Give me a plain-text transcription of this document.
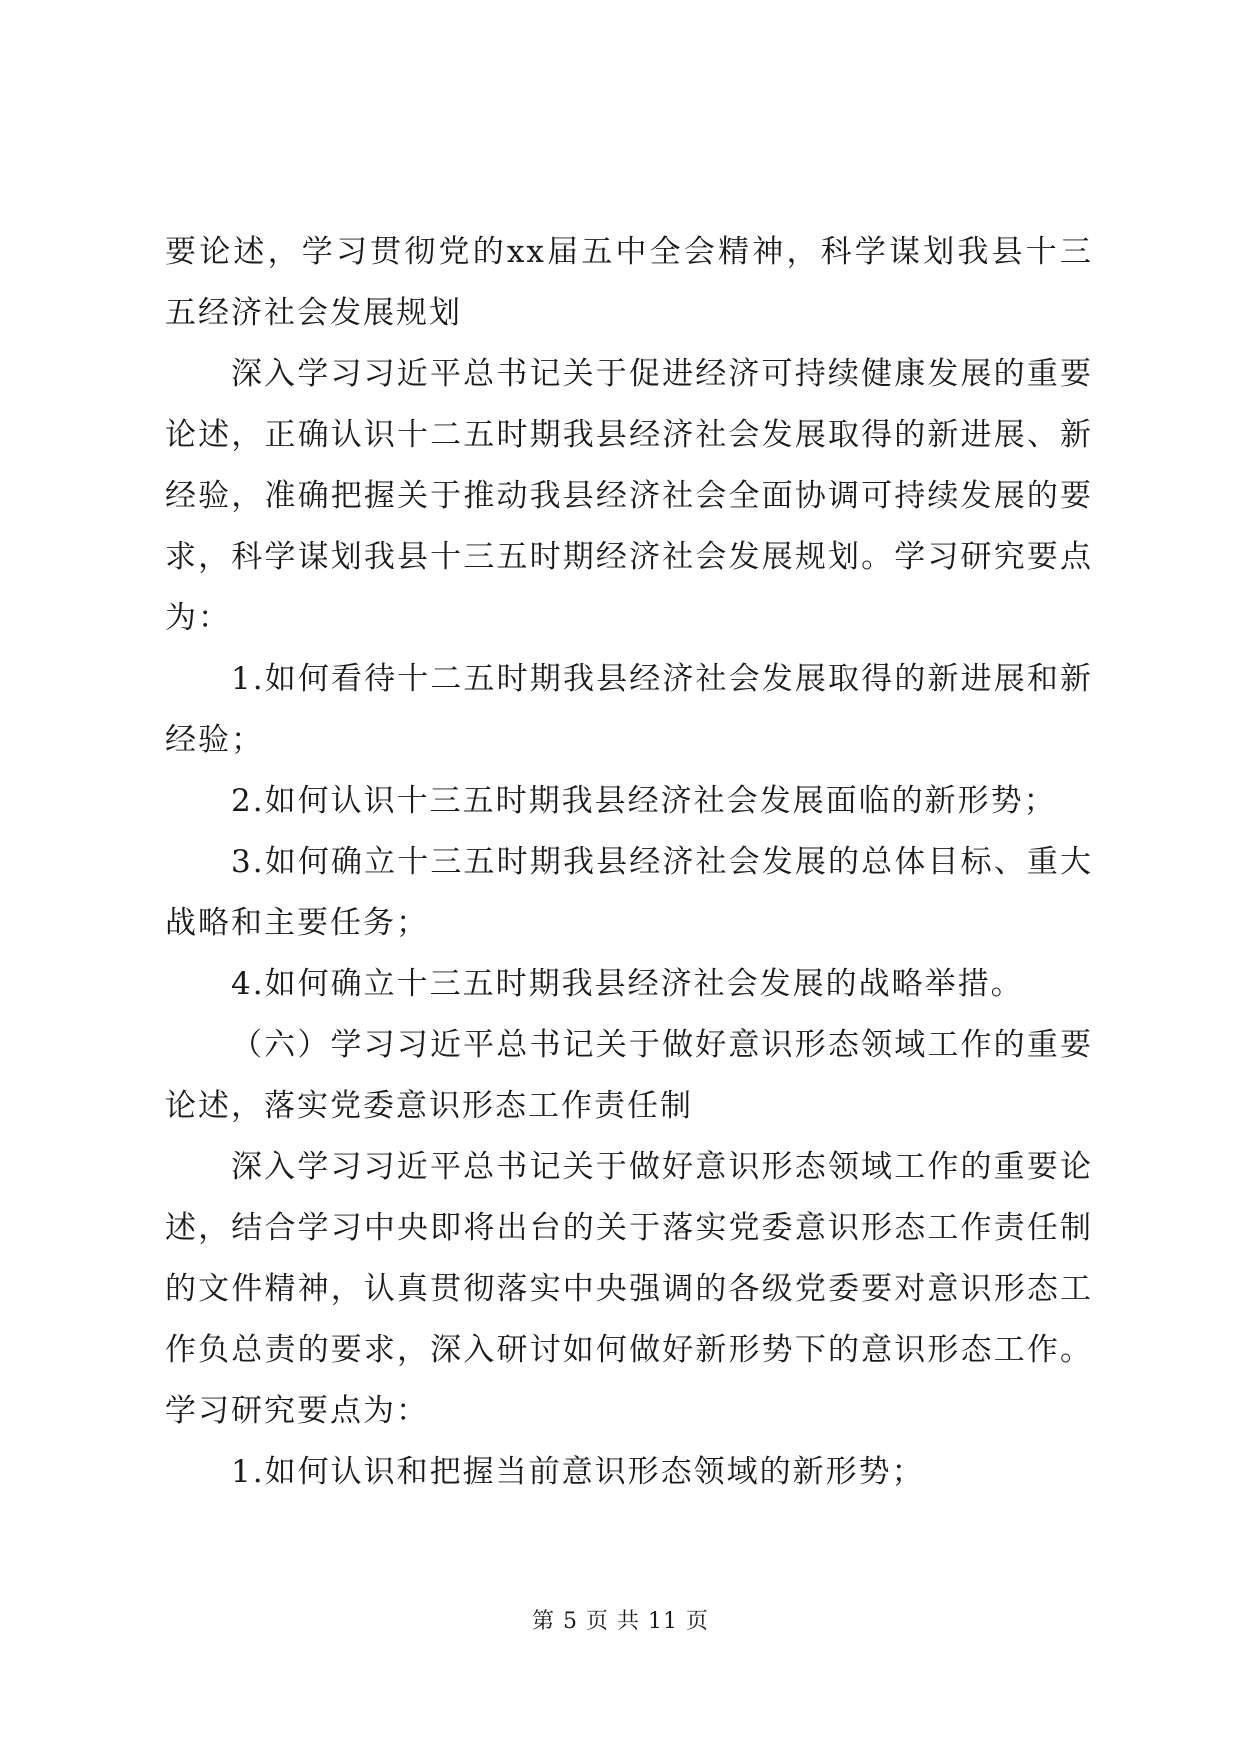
要论述，学习贯彻党的xx届五中全会精神，科学谋划我县十三五经济社会发展规划

深入学习习近平总书记关于促进经济可持续健康发展的重要论述，正确认识十二五时期我县经济社会发展取得的新进展、新经验，准确把握关于推动我县经济社会全面协调可持续发展的要求，科学谋划我县十三五时期经济社会发展规划。学习研究要点为：

1.如何看待十二五时期我县经济社会发展取得的新进展和新经验；

2.如何认识十三五时期我县经济社会发展面临的新形势；

3.如何确立十三五时期我县经济社会发展的总体目标、重大战略和主要任务；

4.如何确立十三五时期我县经济社会发展的战略举措。

（六）学习习近平总书记关于做好意识形态领域工作的重要论述，落实党委意识形态工作责任制

深入学习习近平总书记关于做好意识形态领域工作的重要论述，结合学习中央即将出台的关于落实党委意识形态工作责任制的文件精神，认真贯彻落实中央强调的各级党委要对意识形态工作负总责的要求，深入研讨如何做好新形势下的意识形态工作。学习研究要点为：

1.如何认识和把握当前意识形态领域的新形势；

第 5 页 共 11 页
